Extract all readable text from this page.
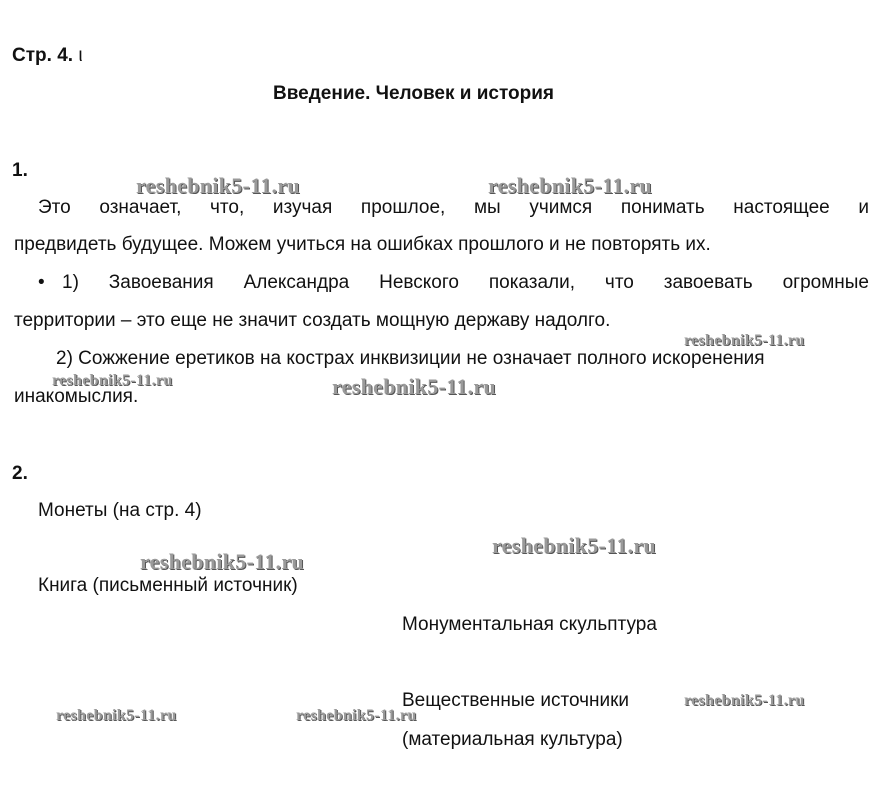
Стр. 4. ι
Введение. Человек и история
1.
Это означает, что, изучая прошлое, мы учимся понимать настоящее и
предвидеть будущее. Можем учиться на ошибках прошлого и не повторять их.
• 1) Завоевания Александра Невского показали, что завоевать огромные
территории – это еще не значит создать мощную державу надолго.
2) Сожжение еретиков на кострах инквизиции не означает полного искоренения
инакомыслия.
2.
Монеты (на стр. 4)
Книга (письменный источник)
Монументальная скульптура
Вещественные источники
(материальная культура)
reshebnik5-11.ru	reshebnik5-11.ru
reshebnik5-11.ru
reshebnik5-11.ru	reshebnik5-11.ru
reshebnik5-11.ru
reshebnik5-11.ru
reshebnik5-11.ru
reshebnik5-11.ru	reshebnik5-11.ru
